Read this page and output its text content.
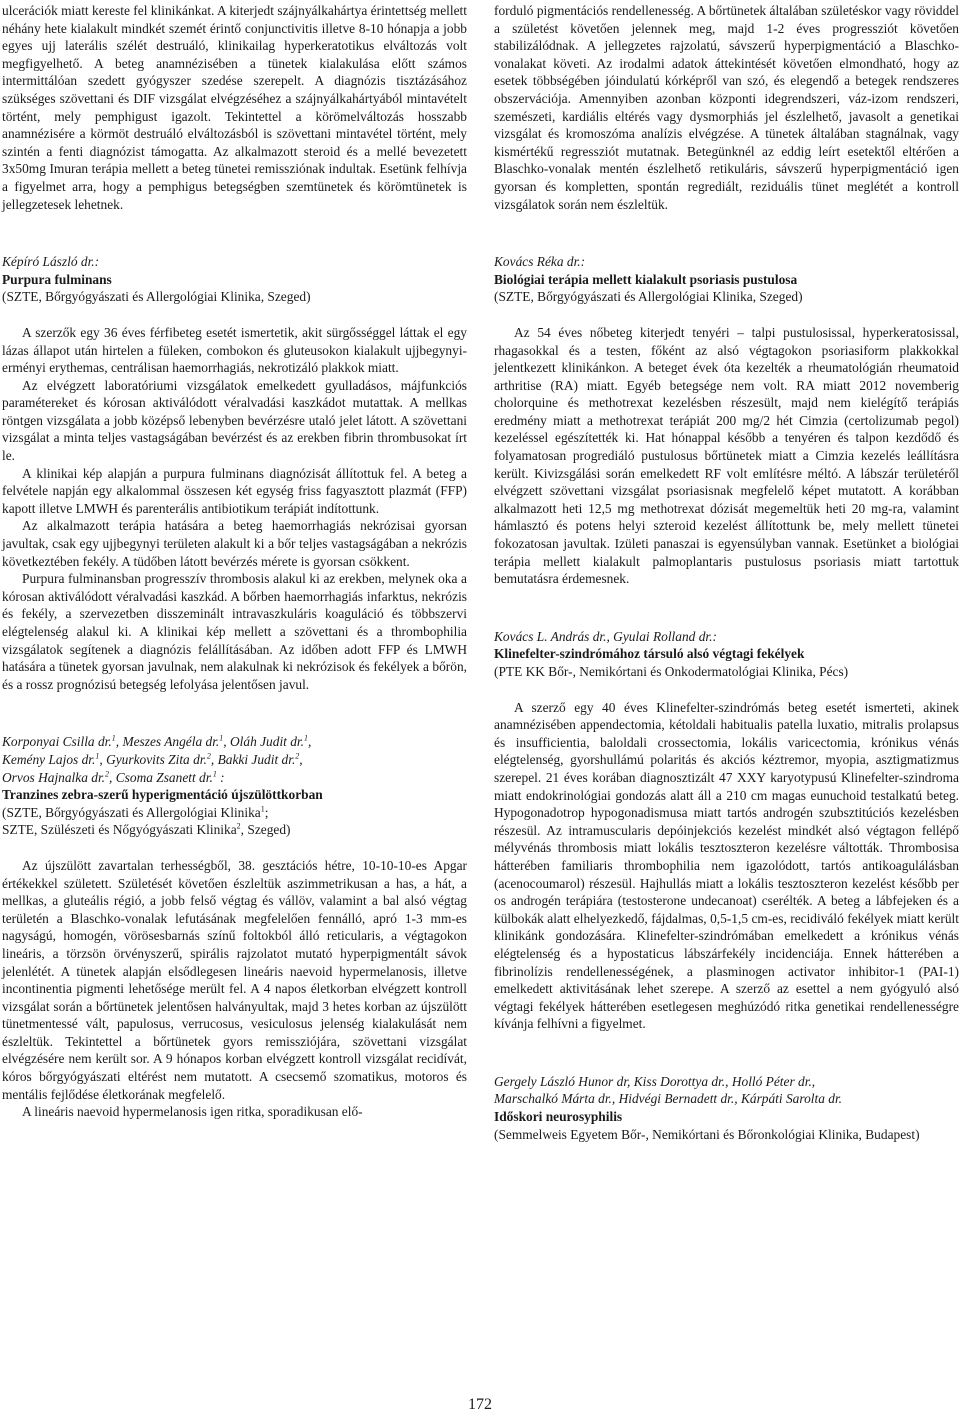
ulcerációk miatt kereste fel klinikánkat. A kiterjedt szájnyálkahártya érintettség mellett néhány hete kialakult mindkét szemét érintő conjunctivitis illetve 8-10 hónapja a jobb egyes ujj laterális szélét destruáló, klinikailag hyperkeratotikus elváltozás volt megfigyelhető. A beteg anamnézisében a tünetek kialakulása előtt számos intermittálóan szedett gyógyszer szedése szerepelt. A diagnózis tisztázásához szükséges szövettani és DIF vizsgálat elvégzéséhez a szájnyálkahártyából mintavételt történt, mely pemphigust igazolt. Tekintettel a körömelváltozás hosszabb anamnézisére a körmöt destruáló elváltozásból is szövettani mintavétel történt, mely szintén a fenti diagnózist támogatta. Az alkalmazott steroid és a mellé bevezetett 3x50mg Imuran terápia mellett a beteg tünetei remissziónak indultak. Esetünk felhívja a figyelmet arra, hogy a pemphigus betegségben szemtünetek és körömtünetek is jellegzetesek lehetnek.

Képíró László dr.:
Purpura fulminans
(SZTE, Bőrgyógyászati és Allergológiai Klinika, Szeged)

A szerzők egy 36 éves férfibeteg esetét ismertetik, akit sürgősséggel láttak el egy lázas állapot után hirtelen a füleken, combokon és gluteusokon kialakult ujjbegynyi-erményi erythemas, centrálisan haemorrhagiás, nekrotizáló plakkok miatt.

Az elvégzett laboratóriumi vizsgálatok emelkedett gyulladásos, májfunkciós paramétereket és kórosan aktiválódott véralvadási kaszkádot mutattak. A mellkas röntgen vizsgálata a jobb középső lebenyben bevérzésre utaló jelet látott. A szövettani vizsgálat a minta teljes vastagságában bevérzést és az erekben fibrin thrombusokat írt le.

A klinikai kép alapján a purpura fulminans diagnózisát állítottuk fel. A beteg a felvétele napján egy alkalommal összesen két egység friss fagyasztott plazmát (FFP) kapott illetve LMWH és parenterális antibiotikum terápiát indítottunk.

Az alkalmazott terápia hatására a beteg haemorrhagiás nekrózisai gyorsan javultak, csak egy ujjbegynyi területen alakult ki a bőr teljes vastagságában a nekrózis következtében fekély. A tüdőben látott bevérzés mérete is gyorsan csökkent.

Purpura fulminansban progresszív thrombosis alakul ki az erekben, melynek oka a kórosan aktiválódott véralvadási kaszkád. A bőrben haemorrhagiás infarktus, nekrózis és fekély, a szervezetben disszeminált intravaszkuláris koaguláció és többszervi elégtelenség alakul ki. A klinikai kép mellett a szövettani és a thrombophilia vizsgálatok segítenek a diagnózis felállításában. Az időben adott FFP és LMWH hatására a tünetek gyorsan javulnak, nem alakulnak ki nekrózisok és fekélyek a bőrön, és a rossz prognózisú betegség lefolyása jelentősen javul.

Korponyai Csilla dr.$^1$, Meszes Angéla dr.$^1$, Oláh Judit dr.$^1$,
Kemény Lajos dr.$^1$, Gyurkovits Zita dr.$^2$, Bakki Judit dr.$^2$,
Orvos Hajnalka dr.$^2$, Csoma Zsanett dr.$^1$ :
Tranzines zebra-szerű hyperigmentáció újszülöttkorban
(SZTE, Bőrgyógyászati és Allergológiai Klinika$^1$;
SZTE, Szülészeti és Nőgyógyászati Klinika$^2$, Szeged)

Az újszülött zavartalan terhességből, 38. gesztációs hétre, 10-10-10-es Apgar értékekkel született. Születését követően észleltük aszimmetrikusan a has, a hát, a mellkas, a gluteális régió, a jobb felső végtag és vállöv, valamint a bal alsó végtag területén a Blaschko-vonalak lefutásának megfelelően fennálló, apró 1-3 mm-es nagyságú, homogén, vörösesbarnás színű foltokból álló reticularis, a végtagokon lineáris, a törzsön örvényszerű, spirális rajzolatot mutató hyperpigmentált sávok jelenlétét. A tünetek alapján elsődlegesen lineáris naevoid hypermelanosis, illetve incontinentia pigmenti lehetősége merült fel. A 4 napos életkorban elvégzett kontroll vizsgálat során a bőrtünetek jelentősen halványultak, majd 3 hetes korban az újszülött tünetmentessé vált, papulosus, verrucosus, vesiculosus jelenség kialakulását nem észleltük. Tekintettel a bőrtünetek gyors remissziójára, szövettani vizsgálat elvégzésére nem került sor. A 9 hónapos korban elvégzett kontroll vizsgálat recidívát, kóros bőrgyógyászati eltérést nem mutatott. A csecsemő szomatikus, motoros és mentális fejlődése életkorának megfelelő.

A lineáris naevoid hypermelanosis igen ritka, sporadikusan elő-

forduló pigmentációs rendellenesség. A bőrtünetek általában születéskor vagy röviddel a születést követően jelennek meg, majd 1-2 éves progressziót követően stabilizálódnak. A jellegzetes rajzolatú, sávszerű hyperpigmentáció a Blaschko-vonalakat követi. Az irodalmi adatok áttekintését követően elmondható, hogy az esetek többségében jóindulatú kórképről van szó, és elegendő a betegek rendszeres obszervációja. Amennyiben azonban központi idegrendszeri, váz-izom rendszeri, szemészeti, kardiális eltérés vagy dysmorphiás jel észlelhető, javasolt a genetikai vizsgálat és kromoszóma analízis elvégzése. A tünetek általában stagnálnak, vagy kismértékű regressziót mutatnak. Betegünknél az eddig leírt esetektől eltérően a Blaschko-vonalak mentén észlelhető retikuláris, sávszerű hyperpigmentáció igen gyorsan és kompletten, spontán regrediált, reziduális tünet meglétét a kontroll vizsgálatok során nem észleltük.

Kovács Réka dr.:
Biológiai terápia mellett kialakult psoriasis pustulosa
(SZTE, Bőrgyógyászati és Allergológiai Klinika, Szeged)

Az 54 éves nőbeteg kiterjedt tenyéri – talpi pustulosissal, hyperkeratosissal, rhagasokkal és a testen, főként az alsó végtagokon psoriasiform plakkokkal jelentkezett klinikánkon. A beteget évek óta kezelték a rheumatológián rheumatoid arthritise (RA) miatt. Egyéb betegsége nem volt. RA miatt 2012 novemberig cholorquine és methotrexat kezelésben részesült, majd nem kielégítő terápiás eredmény miatt a methotrexat terápiát 200 mg/2 hét Cimzia (certolizumab pegol) kezeléssel egészítették ki. Hat hónappal később a tenyéren és talpon kezdődő és folyamatosan progrediáló pustulosus bőrtünetek miatt a Cimzia kezelés leállításra került. Kivizsgálási során emelkedett RF volt említésre méltó. A lábszár területéről elvégzett szövettani vizsgálat psoriasisnak megfelelő képet mutatott. A korábban alkalmazott heti 12,5 mg methotrexat dózisát megemeltük heti 20 mg-ra, valamint hámlasztó és potens helyi szteroid kezelést állítottunk be, mely mellett tünetei fokozatosan javultak. Izületi panaszai is egyensúlyban vannak. Esetünket a biológiai terápia mellett kialakult palmoplantaris pustulosus psoriasis miatt tartottuk bemutatásra érdemesnek.

Kovács L. András dr., Gyulai Rolland dr.:
Klinefelter-szindrómához társuló alsó végtagi fekélyek
(PTE KK Bőr-, Nemikórtani és Onkodermatológiai Klinika, Pécs)

A szerző egy 40 éves Klinefelter-szindrómás beteg esetét ismerteti, akinek anamnézisében appendectomia, kétoldali habitualis patella luxatio, mitralis prolapsus és insufficientia, baloldali crossectomia, lokális varicectomia, krónikus vénás elégtelenség, gyorshullámú polaritás és akciós kéztremor, myopia, asztigmatizmus szerepel. 21 éves korában diagnosztizált 47 XXY karyotypusú Klinefelter-szindroma miatt endokrinológiai gondozás alatt áll a 210 cm magas eunuchoid testalkatú beteg. Hypogonadotrop hypogonadismusa miatt tartós androgén szubsztitúciós kezelésben részesül. Az intramuscularis depóinjekciós kezelést mindkét alsó végtagon fellépő mélyvénás thrombosis miatt lokális tesztoszteron kezelésre váltották. Thrombosisa hátterében familiaris thrombophilia nem igazolódott, tartós antikoagulálásban (acenocoumarol) részesül. Hajhullás miatt a lokális tesztoszteron kezelést később per os androgén terápiára (testosterone undecanoat) cserélték. A beteg a lábfejeken és a külbokák alatt elhelyezkedő, fájdalmas, 0,5-1,5 cm-es, recidiváló fekélyek miatt került klinikánk gondozására. Klinefelter-szindrómában emelkedett a krónikus vénás elégtelenség és a hypostaticus lábszárfekély incidenciája. Ennek hátterében a fibrinolízis rendellenességének, a plasminogen activator inhibitor-1 (PAI-1) emelkedett aktivitásának lehet szerepe. A szerző az esettel a nem gyógyuló alsó végtagi fekélyek hátterében esetlegesen meghúzódó ritka genetikai rendellenességre kívánja felhívni a figyelmet.

Gergely László Hunor dr, Kiss Dorottya dr., Holló Péter dr.,
Marschalkó Márta dr., Hidvégi Bernadett dr., Kárpáti Sarolta dr.
Időskori neurosyphilis
(Semmelweis Egyetem Bőr-, Nemikórtani és Bőronkológiai Klinika, Budapest)
172
